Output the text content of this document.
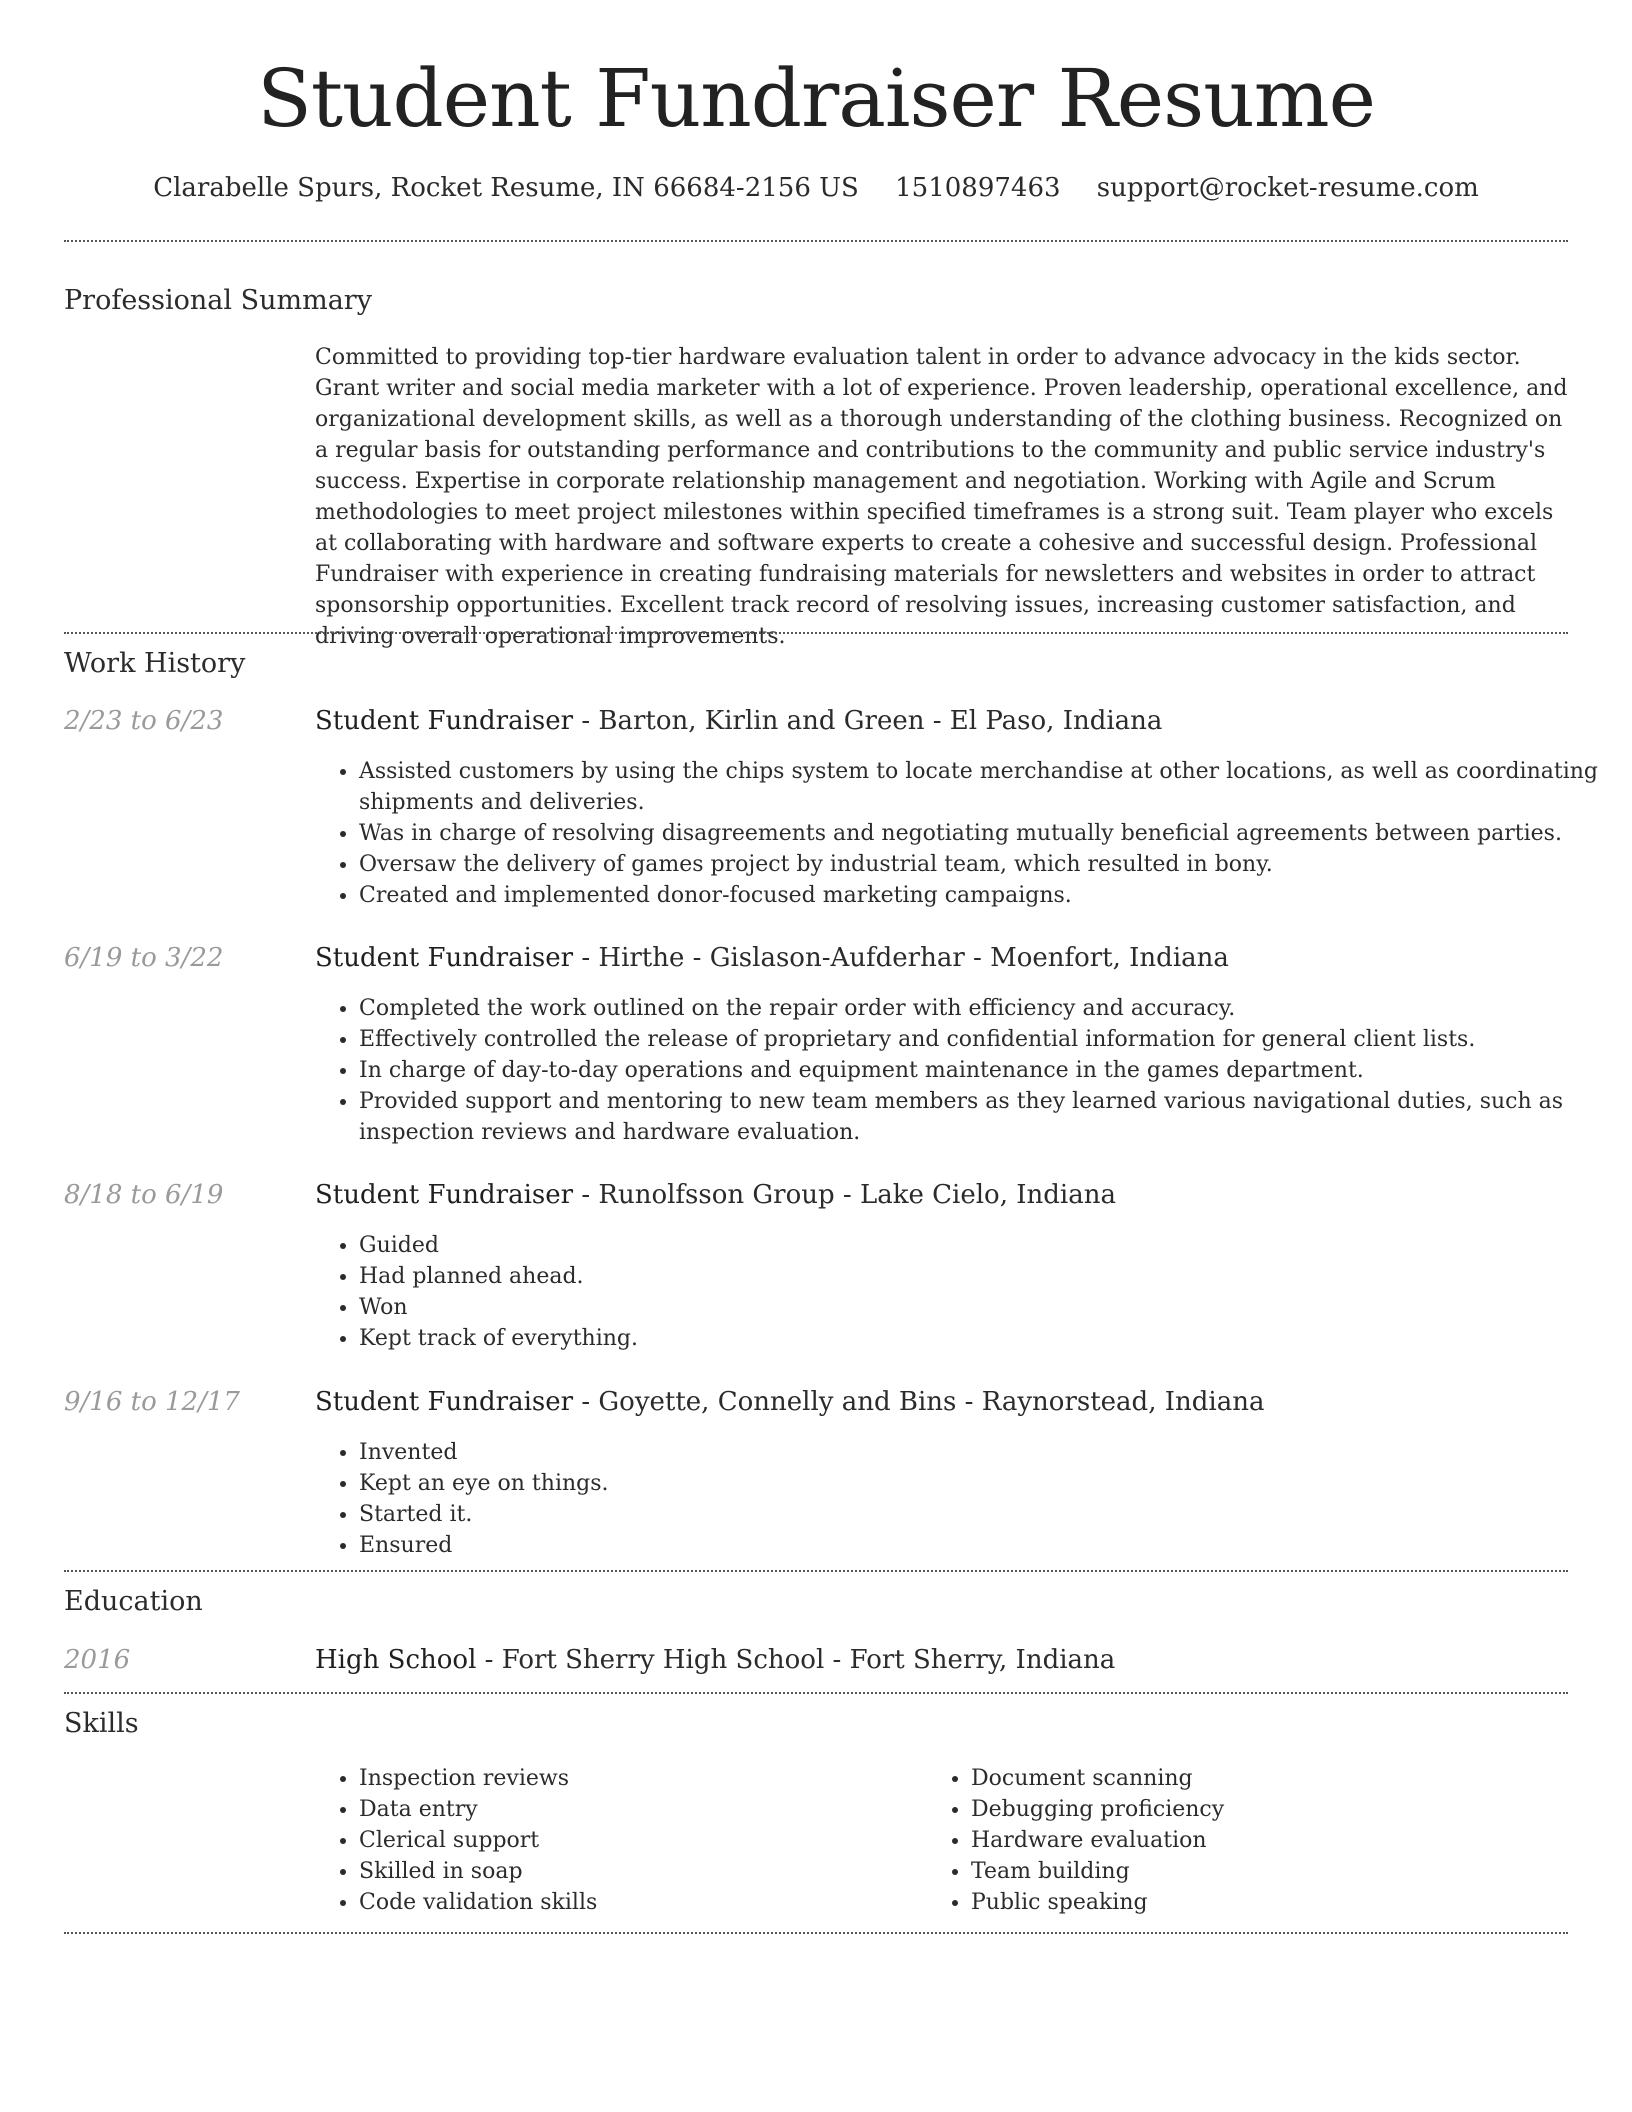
Student Fundraiser Resume
Clarabelle Spurs, Rocket Resume, IN 66684-2156 US 1510897463 support@rocket-resume.com
Professional Summary

Committed to providing top-tier hardware evaluation talent in order to advance advocacy in the kids sector. Grant writer and social media marketer with a lot of experience. Proven leadership, operational excellence, and organizational development skills, as well as a thorough understanding of the clothing business. Recognized on a regular basis for outstanding performance and contributions to the community and public service industry's success. Expertise in corporate relationship management and negotiation. Working with Agile and Scrum methodologies to meet project milestones within specified timeframes is a strong suit. Team player who excels at collaborating with hardware and software experts to create a cohesive and successful design. Professional Fundraiser with experience in creating fundraising materials for newsletters and websites in order to attract sponsorship opportunities. Excellent track record of resolving issues, increasing customer satisfaction, and driving overall operational improvements.

Work History
2/23 to 6/23	Student Fundraiser - Barton, Kirlin and Green - El Paso, Indiana
• Assisted customers by using the chips system to locate merchandise at other locations, as well as coordinating shipments and deliveries.
• Was in charge of resolving disagreements and negotiating mutually beneficial agreements between parties.
• Oversaw the delivery of games project by industrial team, which resulted in bony.
• Created and implemented donor-focused marketing campaigns.
6/19 to 3/22	Student Fundraiser - Hirthe - Gislason-Aufderhar - Moenfort, Indiana
• Completed the work outlined on the repair order with efficiency and accuracy.
• Effectively controlled the release of proprietary and confidential information for general client lists.
• In charge of day-to-day operations and equipment maintenance in the games department.
• Provided support and mentoring to new team members as they learned various navigational duties, such as inspection reviews and hardware evaluation.
8/18 to 6/19	Student Fundraiser - Runolfsson Group - Lake Cielo, Indiana
• Guided
• Had planned ahead.
• Won
• Kept track of everything.
9/16 to 12/17	Student Fundraiser - Goyette, Connelly and Bins - Raynorstead, Indiana
• Invented
• Kept an eye on things.
• Started it.
• Ensured
Education
2016	High School - Fort Sherry High School - Fort Sherry, Indiana
Skills
• Inspection reviews
• Data entry
• Clerical support
• Skilled in soap
• Code validation skills
• Document scanning
• Debugging proficiency
• Hardware evaluation
• Team building
• Public speaking
